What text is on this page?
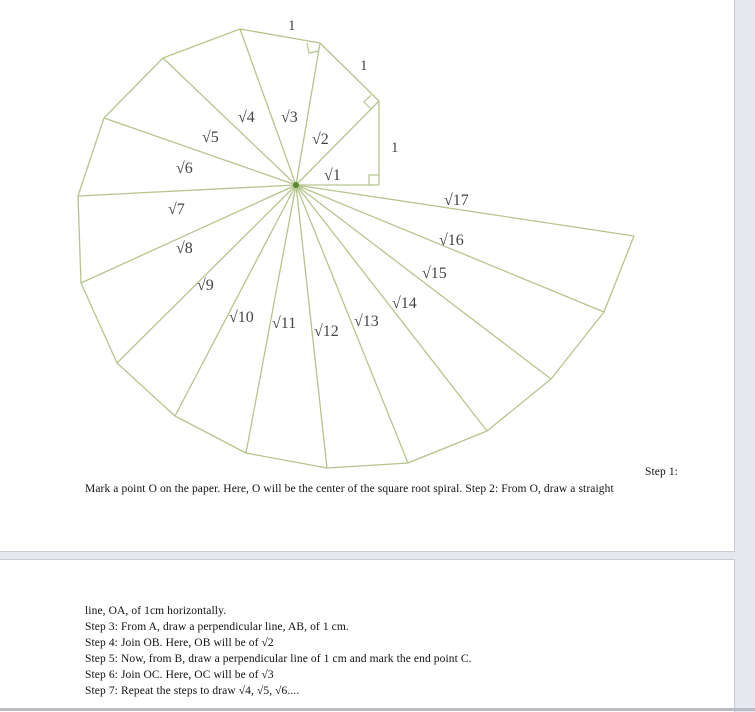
1
1
1
√1
√2
√3
√4
√5
√6
√7
√8
√9
√10 √11 √12
√13
√14
√15
√16
√17
Step 1:
Mark a point O on the paper. Here, O will be the center of the square root spiral. Step 2: From O, draw a straight
line, OA, of 1cm horizontally.
Step 3: From A, draw a perpendicular line, AB, of 1 cm.
Step 4: Join OB. Here, OB will be of √2
Step 5: Now, from B, draw a perpendicular line of 1 cm and mark the end point C.
Step 6: Join OC. Here, OC will be of √3
Step 7: Repeat the steps to draw √4, √5, √6....
